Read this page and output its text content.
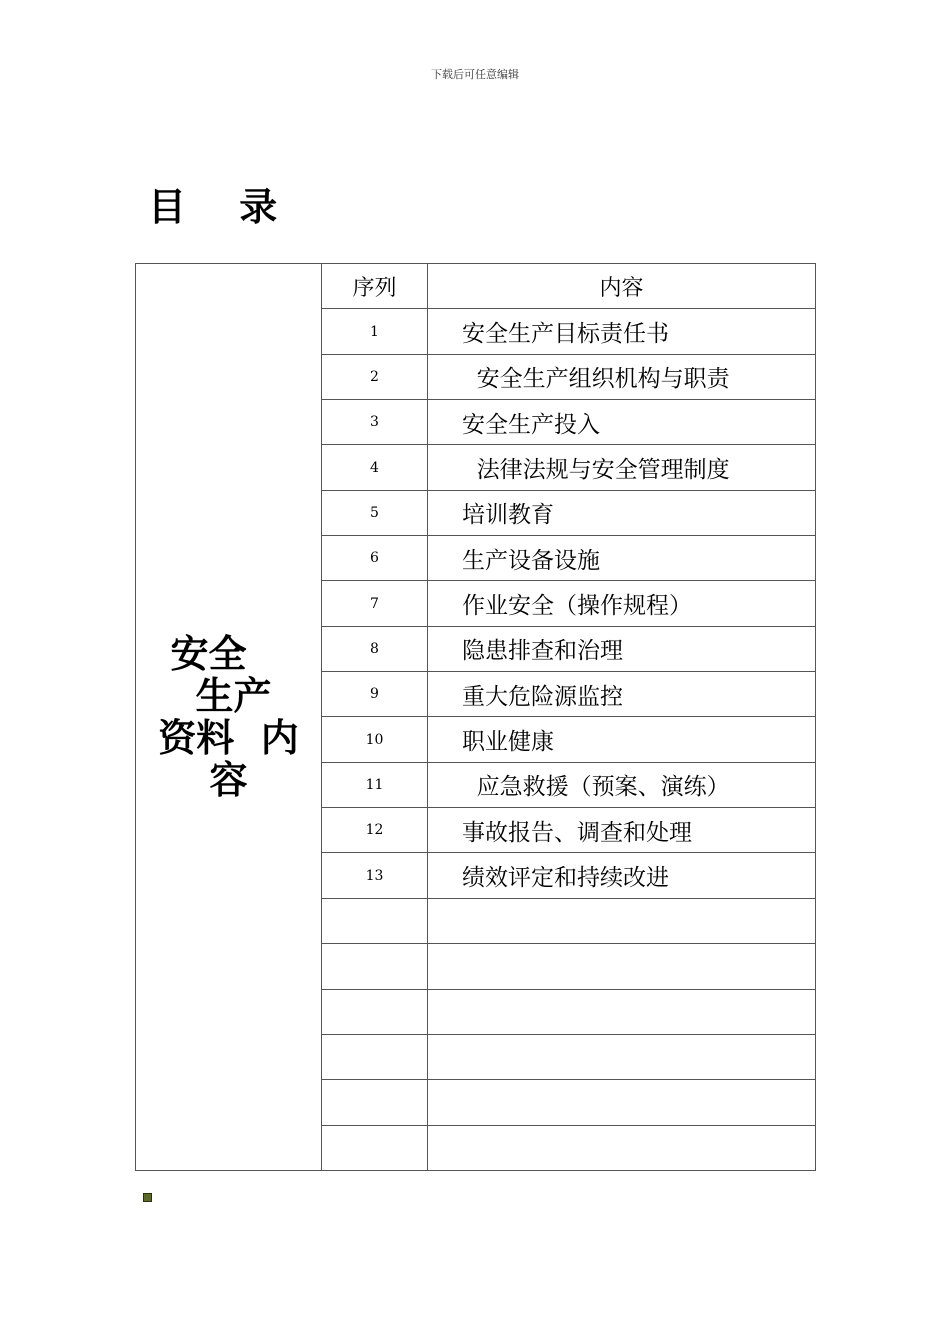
下载后可任意编辑
目 录
安全
生产
资料  内
容	序列	内容
	1	安全生产目标责任书
	2	安全生产组织机构与职责
	3	安全生产投入
	4	法律法规与安全管理制度
	5	培训教育
	6	生产设备设施
	7	作业安全（操作规程）
	8	隐患排查和治理
	9	重大危险源监控
	10	职业健康
	11	应急救援（预案、演练）
	12	事故报告、调查和处理
	13	绩效评定和持续改进
